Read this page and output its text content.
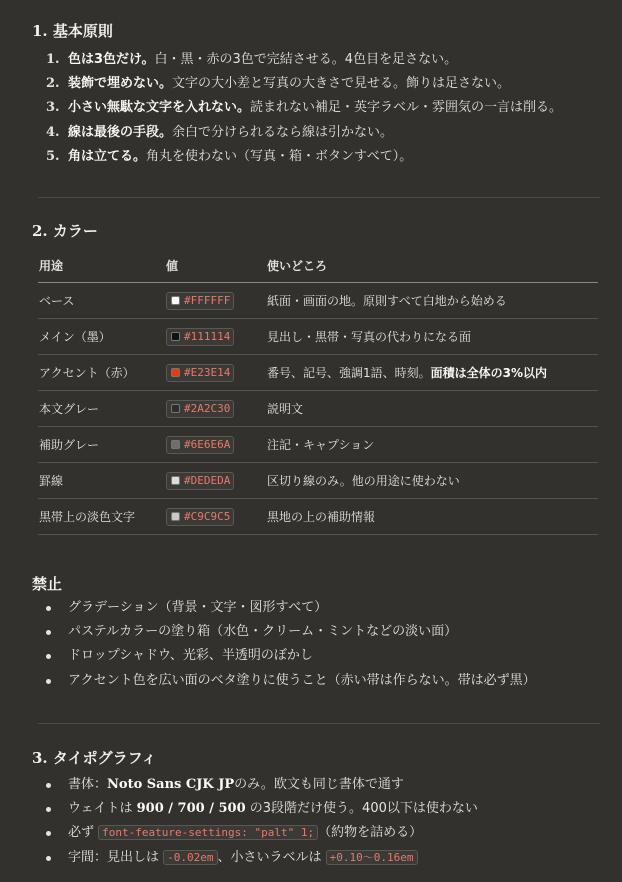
1. 基本原則
1. 色は3色だけ。白・黒・赤の3色で完結させる。4色目を足さない。
2. 装飾で埋めない。文字の大小差と写真の大きさで見せる。飾りは足さない。
3. 小さい無駄な文字を入れない。読まれない補足・英字ラベル・雰囲気の一言は削る。
4. 線は最後の手段。余白で分けられるなら線は引かない。
5. 角は立てる。角丸を使わない（写真・箱・ボタンすべて）。
2. カラー
用途	値	使いどころ
ベース	#FFFFFF	紙面・画面の地。原則すべて白地から始める
メイン（墨）	#111114	見出し・黒帯・写真の代わりになる面
アクセント（赤）	#E23E14	番号、記号、強調1語、時刻。面積は全体の3%以内
本文グレー	#2A2C30	説明文
補助グレー	#6E6E6A	注記・キャプション
罫線	#DEDEDA	区切り線のみ。他の用途に使わない
黒帯上の淡色文字	#C9C9C5	黒地の上の補助情報
禁止
グラデーション（背景・文字・図形すべて）
パステルカラーの塗り箱（水色・クリーム・ミントなどの淡い面）
ドロップシャドウ、光彩、半透明のぼかし
アクセント色を広い面のベタ塗りに使うこと（赤い帯は作らない。帯は必ず黒）
3. タイポグラフィ
書体：Noto Sans CJK JPのみ。欧文も同じ書体で通す
ウェイトは 900 / 700 / 500 の3段階だけ使う。400以下は使わない
必ず font-feature-settings: "palt" 1; （約物を詰める）
字間：見出しは -0.02em 、小さいラベルは +0.10〜0.16em
